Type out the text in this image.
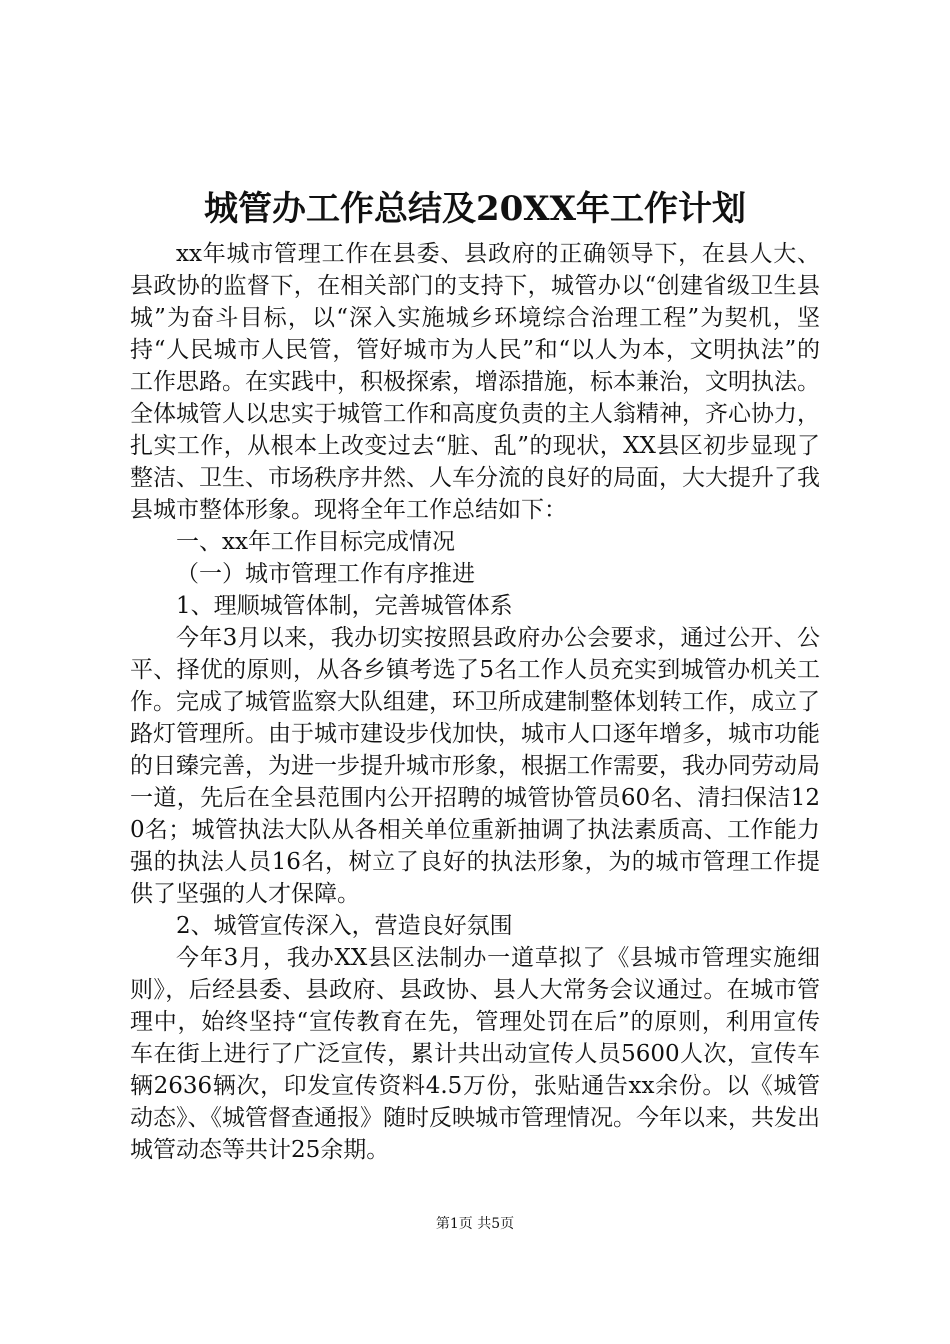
城管办工作总结及20XX年工作计划

xx年城市管理工作在县委、县政府的正确领导下，在县人大、县政协的监督下，在相关部门的支持下，城管办以“创建省级卫生县城”为奋斗目标，以“深入实施城乡环境综合治理工程”为契机，坚持“人民城市人民管，管好城市为人民”和“以人为本，文明执法”的工作思路。在实践中，积极探索，增添措施，标本兼治，文明执法。全体城管人以忠实于城管工作和高度负责的主人翁精神，齐心协力，扎实工作，从根本上改变过去“脏、乱”的现状，XX县区初步显现了整洁、卫生、市场秩序井然、人车分流的良好的局面，大大提升了我县城市整体形象。现将全年工作总结如下：

一、xx年工作目标完成情况

（一）城市管理工作有序推进

1、理顺城管体制，完善城管体系

今年3月以来，我办切实按照县政府办公会要求，通过公开、公平、择优的原则，从各乡镇考选了5名工作人员充实到城管办机关工作。完成了城管监察大队组建，环卫所成建制整体划转工作，成立了路灯管理所。由于城市建设步伐加快，城市人口逐年增多，城市功能的日臻完善，为进一步提升城市形象，根据工作需要，我办同劳动局一道，先后在全县范围内公开招聘的城管协管员60名、清扫保洁120名；城管执法大队从各相关单位重新抽调了执法素质高、工作能力强的执法人员16名，树立了良好的执法形象，为的城市管理工作提供了坚强的人才保障。

2、城管宣传深入，营造良好氛围

今年3月，我办XX县区法制办一道草拟了《县城市管理实施细则》，后经县委、县政府、县政协、县人大常务会议通过。在城市管理中，始终坚持“宣传教育在先，管理处罚在后”的原则，利用宣传车在街上进行了广泛宣传，累计共出动宣传人员5600人次，宣传车辆2636辆次，印发宣传资料4.5万份，张贴通告xx余份。以《城管动态》、《城管督查通报》随时反映城市管理情况。今年以来，共发出城管动态等共计25余期。

第1页 共5页
